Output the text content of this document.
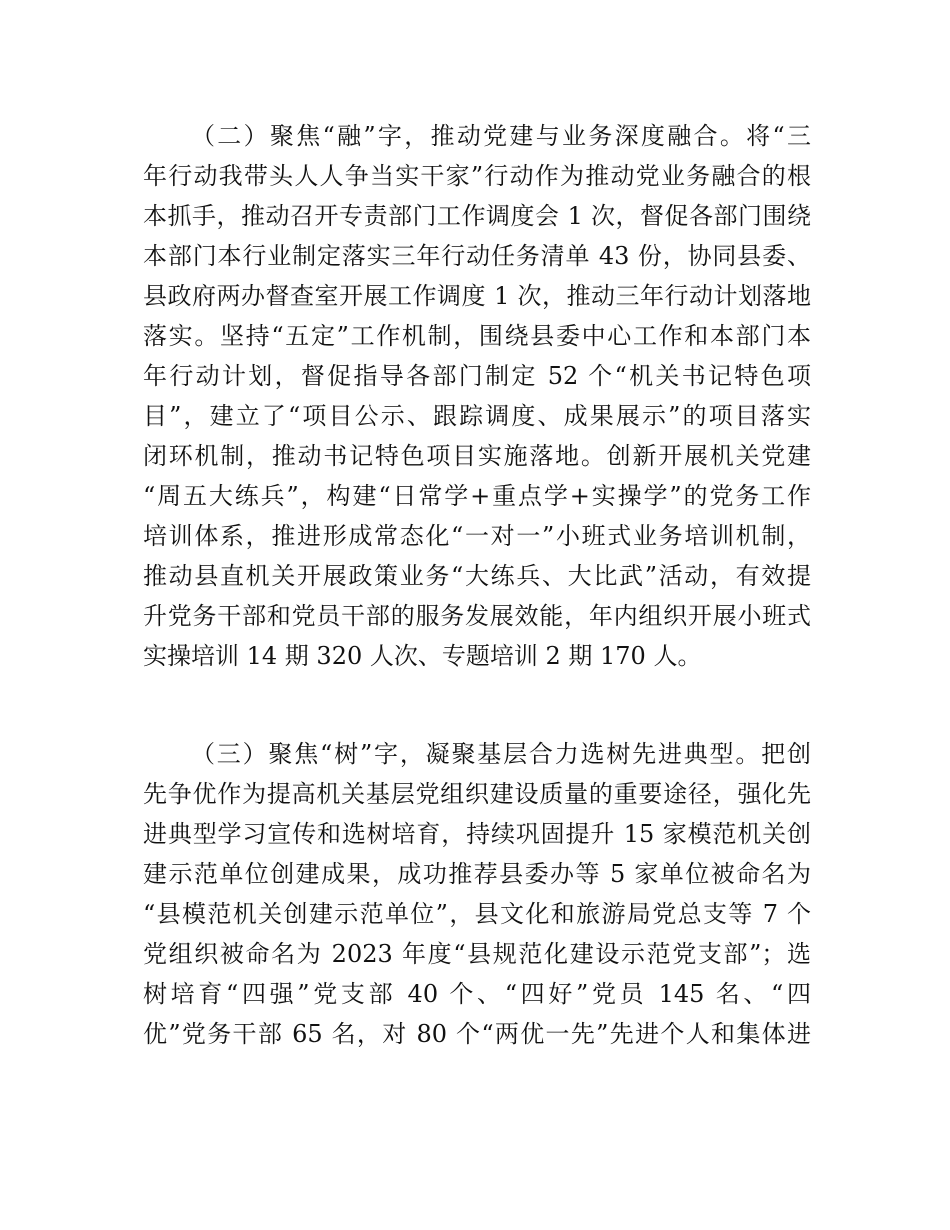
（二）聚焦“融”字，推动党建与业务深度融合。将“三
年行动我带头人人争当实干家”行动作为推动党业务融合的根
本抓手，推动召开专责部门工作调度会 1 次，督促各部门围绕
本部门本行业制定落实三年行动任务清单 43 份，协同县委、
县政府两办督查室开展工作调度 1 次，推动三年行动计划落地
落实。坚持“五定”工作机制，围绕县委中心工作和本部门本
年行动计划，督促指导各部门制定 52 个“机关书记特色项
目”，建立了“项目公示、跟踪调度、成果展示”的项目落实
闭环机制，推动书记特色项目实施落地。创新开展机关党建
“周五大练兵”，构建“日常学+重点学+实操学”的党务工作
培训体系，推进形成常态化“一对一”小班式业务培训机制，
推动县直机关开展政策业务“大练兵、大比武”活动，有效提
升党务干部和党员干部的服务发展效能，年内组织开展小班式
实操培训 14 期 320 人次、专题培训 2 期 170 人。
（三）聚焦“树”字，凝聚基层合力选树先进典型。把创
先争优作为提高机关基层党组织建设质量的重要途径，强化先
进典型学习宣传和选树培育，持续巩固提升 15 家模范机关创
建示范单位创建成果，成功推荐县委办等 5 家单位被命名为
“县模范机关创建示范单位”，县文化和旅游局党总支等 7 个
党组织被命名为 2023 年度“县规范化建设示范党支部”；选
树培育“四强”党支部 40 个、“四好”党员 145 名、“四
优”党务干部 65 名，对 80 个“两优一先”先进个人和集体进
